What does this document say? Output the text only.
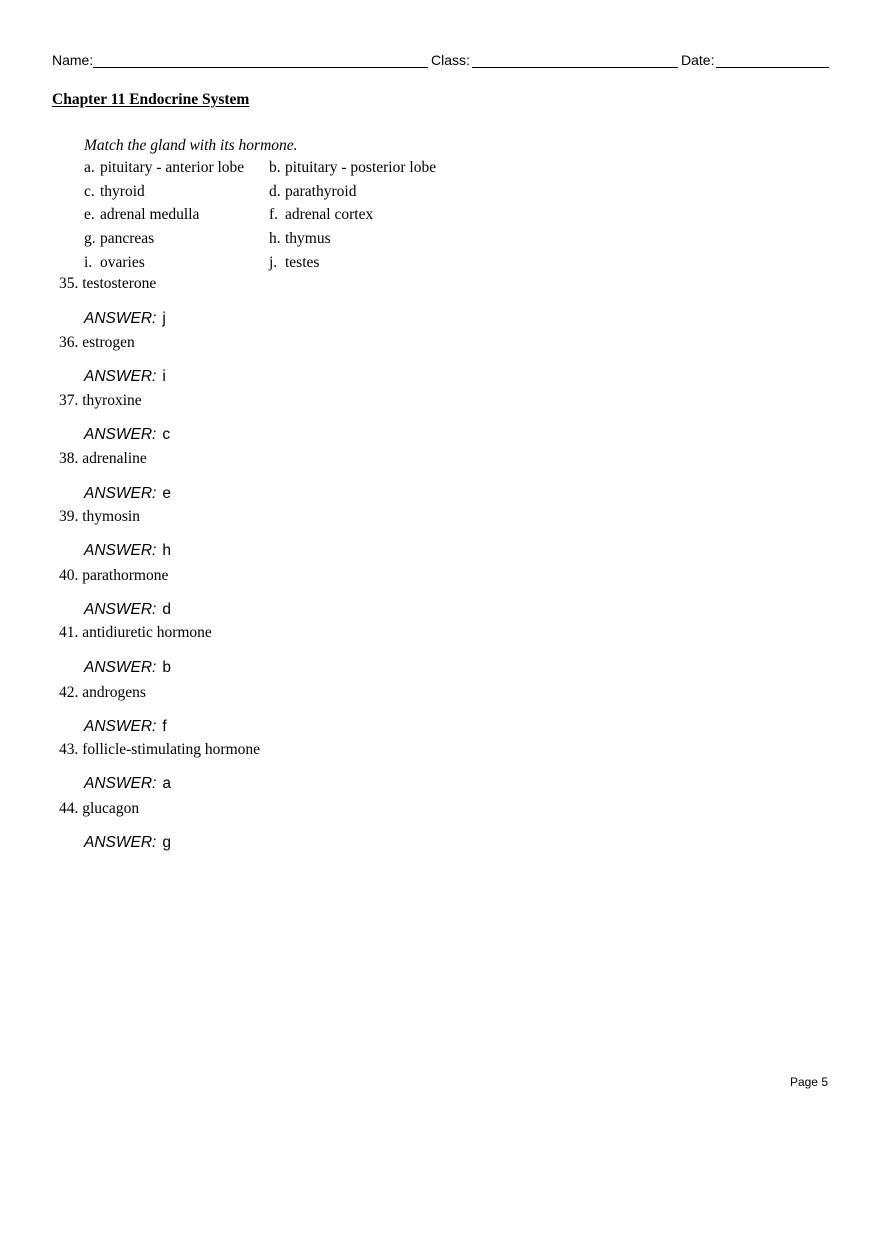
Name:	Class:	Date:
Chapter 11 Endocrine System
Match the gland with its hormone.
a. pituitary - anterior lobe b. pituitary - posterior lobe
c. thyroid	d. parathyroid
e. adrenal medulla	f. adrenal cortex
g. pancreas	h. thymus
i. ovaries	j. testes
35. testosterone
ANSWER: j
36. estrogen
ANSWER: i
37. thyroxine
ANSWER: c
38. adrenaline
ANSWER: e
39. thymosin
ANSWER: h
40. parathormone
ANSWER: d
41. antidiuretic hormone
ANSWER: b
42. androgens
ANSWER: f
43. follicle-stimulating hormone
ANSWER: a
44. glucagon
ANSWER: g
Page 5
